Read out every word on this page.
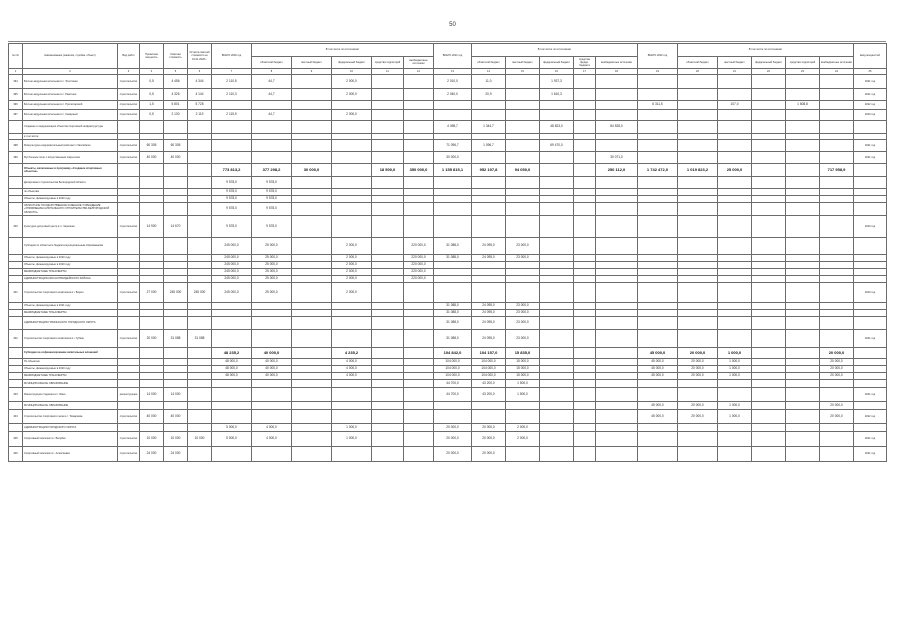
50
№ п/п	Наименование (заказчик, стройка, объект)	Вид работ	Проектная мощность	Сметная стоимость	Остаток сметной стоимости на 01.01.2020 г.	ВСЕГО 2020 год	В том числе по источникам:					ВСЕГО 2021 год	В том числе по источникам:					ВСЕГО 2022 год	В том числе по источникам:					ввод мощностей
							областной бюджет	местный бюджет	федеральный бюджет	средства территорий	внебюджетные источники		областной бюджет	местный бюджет	федеральный бюджет	средства федер. бюджета	внебюджетные источники		областной бюджет	местный бюджет	федеральный бюджет	средства территорий	внебюджетные источники	
1	2	3	4	5	6	7	8	9	10	11	12	13	14	15	16	17	18	19	20	21	22	23	24	25
394	Блочно-модульная котельная в с. Тростянка	строительство	0,5	4 456	4 344	2 110,5	44,7		2 000,0			2 010,0	11,0		1 937,3									2021 год
395	Блочно-модульная котельная в с. Ракитное	строительство	0,5	4 326	4 144	2 110,3	44,7		2 000,0			2 040,0	20,9		1 610,3									2021 год
396	Блочно-модульная котельная в п. Пролетарский	строительство	1,5	5 801	5 728													6 311,5		107,0		1 608,8		2022 год
397	Блочно-модульная котельная в с. Северный	строительство	0,5	2 130	2 119	2 115,9	44,7		2 000,0															2020 год
	Создание и модернизация объектов спортивной инфраструктуры											4 498,7	1 344,7		48 823,0		84 528,0							
	в том числе:																							
398	Физкультурно-оздоровительный комплекс с бассейном	строительство	60 305	60 305								71 096,7	1 096,7		69 470,0									2021 год
399	Футбольное поле с искусственным покрытием	строительство	40 000	40 000								30 000,0					30 071,0							2021 год
	Объекты, включенные в программу «Создание спортивных объектов»					773 813,2	377 298,2	30 000,0		18 500,0	350 000,0	1 155 815,1	952 197,8	94 050,0			250 112,0	1 742 472,0	1 019 823,2	25 000,0			717 958,9	
	Департамент строительства Белгородской области					9 578,0	9 578,0																	
	по объектам					9 578,0	9 578,0																	
	Объекты, финансируемые в 2020 году					9 578,0	9 578,0																	
	ОБЛАСТНОЕ ГОСУДАРСТВЕННОЕ КАЗЕННОЕ УЧРЕЖДЕНИЕ «УПРАВЛЕНИЕ КАПИТАЛЬНОГО СТРОИТЕЛЬСТВА БЕЛГОРОДСКОЙ ОБЛАСТИ»					9 578,0	9 578,0																	
400	Культурно-досуговый центр в п. Чернянка	строительство	14 900	14 670		9 578,0	9 578,0																	2020 год
	Субсидии из областного бюджета муниципальным образованиям					245 000,0	25 000,0		2 000,0		220 000,0	31 088,0	24 095,0	23 000,0										
	Объекты, финансируемые в 2020 году					245 000,0	25 000,0		2 000,0		220 000,0	31 088,0	24 095,0	23 000,0										
	Объекты, финансируемые в 2020 году					245 000,0	25 000,0		2 000,0		220 000,0													
	МЕЖБЮДЖЕТНЫЕ ТРАНСФЕРТЫ					245 000,0	25 000,0		2 000,0		220 000,0													
	АДМИНИСТРАЦИЯ КРАСНОГВАРДЕЙСКОГО РАЙОНА					245 000,0	25 000,0		2 000,0		220 000,0													
401	Строительство спортивного комплекса в г. Бирюч	строительство	27 000	245 000	245 000	245 000,0	25 000,0		2 000,0															2020 год
	Объекты, финансируемые в 2021 году											31 088,0	24 095,0	23 000,0										
	МЕЖБЮДЖЕТНЫЕ ТРАНСФЕРТЫ											31 088,0	24 095,0	23 000,0										
	АДМИНИСТРАЦИЯ ГУБКИНСКОГО ГОРОДСКОГО ОКРУГА											31 088,0	24 095,0	23 000,0										
402	Строительство спортивного комплекса в г. Губкин	строительство	20 000	31 088	31 088							31 088,0	24 095,0	23 000,0										2021 год
	Субсидии на софинансирование капитальных вложений					48 235,2	40 000,0		4 235,2			104 842,0	104 157,0	15 835,0				45 000,0	20 000,0	1 000,0			20 000,0	
	По объектам					48 000,0	40 000,0		4 000,0			104 000,0	104 000,0	15 000,0				45 000,0	20 000,0	1 000,0			20 000,0	
	Объекты, финансируемые в 2020 году					48 000,0	40 000,0		4 000,0			104 000,0	104 000,0	15 000,0				45 000,0	20 000,0	1 000,0			20 000,0	
	МЕЖБЮДЖЕТНЫЕ ТРАНСФЕРТЫ					48 000,0	40 000,0		4 000,0			104 000,0	104 000,0	15 000,0				45 000,0	20 000,0	1 000,0			20 000,0	
	МУНИЦИПАЛЬНОЕ ОБРАЗОВАНИЕ											44 700,0	43 200,0	1 500,0										
403	Реконструкция стадиона в п. Ивня	реконструкция	14 000	14 000								44 700,0	43 200,0	1 500,0										2021 год
	МУНИЦИПАЛЬНОЕ ОБРАЗОВАНИЕ																	45 000,0	20 000,0	1 000,0			20 000,0	
404	Строительство спортивного зала в с. Томаровка	строительство	40 000	40 000														45 000,0	20 000,0	1 000,0			20 000,0	2022 год
	АДМИНИСТРАЦИЯ ГОРОДСКОГО ОКРУГА					5 000,0	4 000,0		1 000,0			20 000,0	20 000,0	2 000,0										
405	Спортивный комплекс в г. Валуйки	строительство	10 000	10 000	10 000	5 000,0	4 000,0		1 000,0			20 000,0	20 000,0	2 000,0										2021 год
406	Спортивный комплекс в г. Алексеевка	строительство	24 000	24 000								20 000,0	20 000,0											2021 год
